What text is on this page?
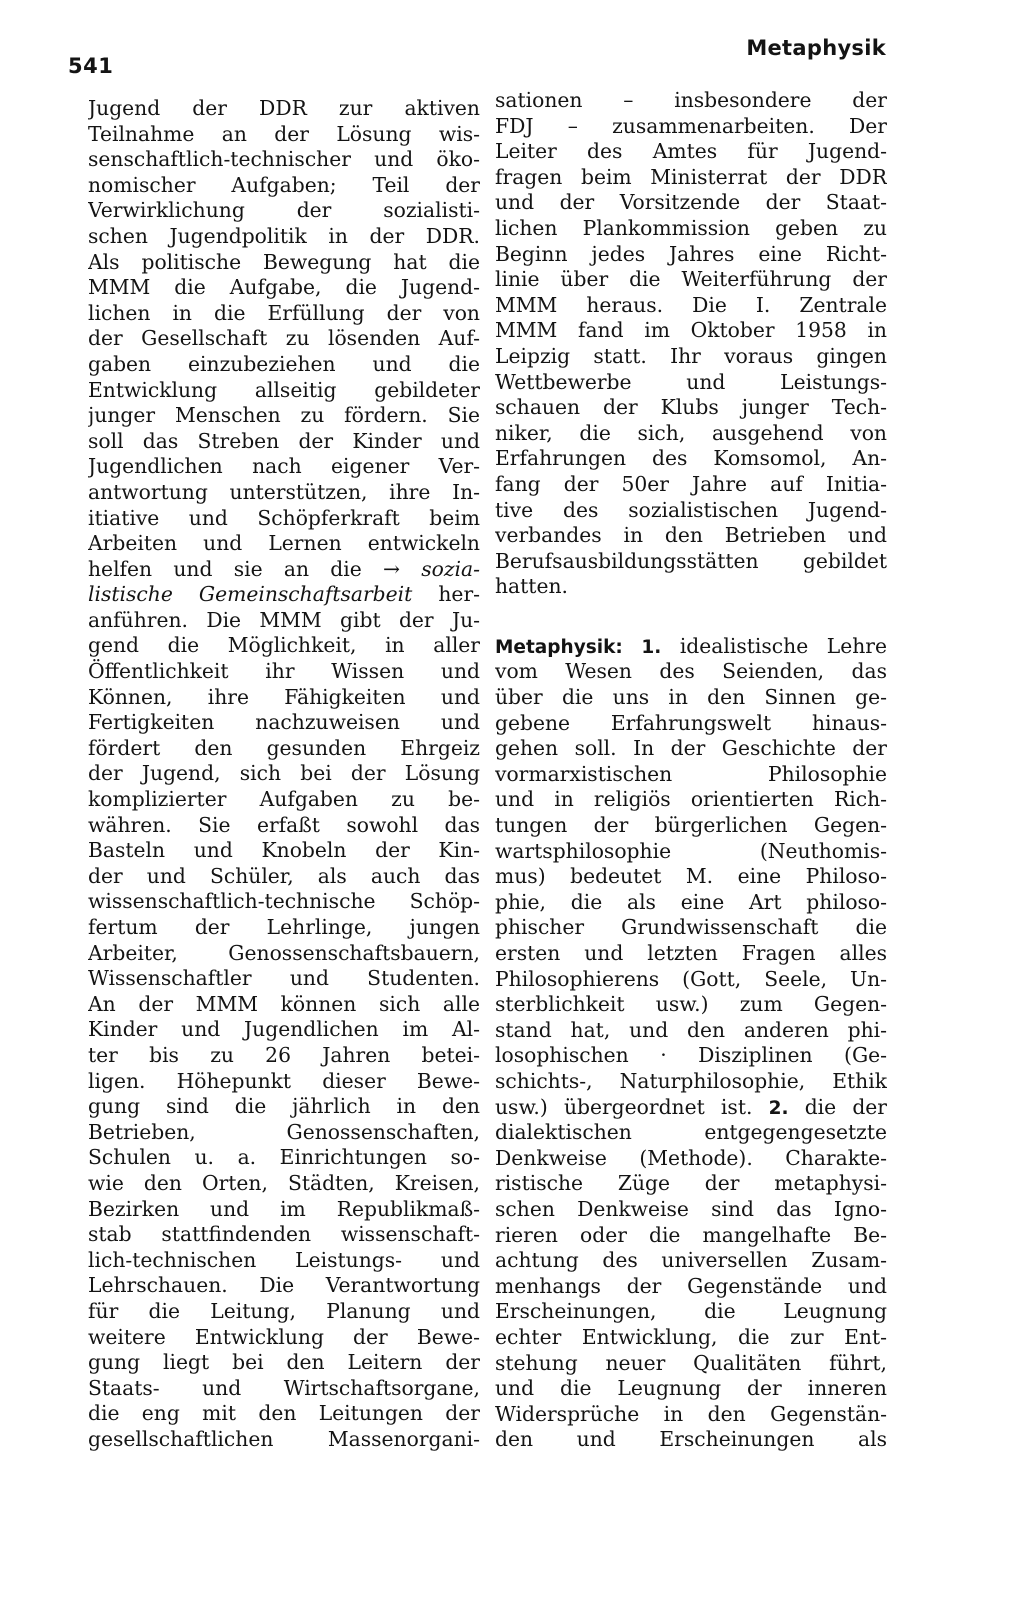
541
Metaphysik
Jugend der DDR zur aktiven
Teilnahme an der Lösung wis-
senschaftlich-technischer und öko-
nomischer Aufgaben; Teil der
Verwirklichung der sozialisti-
schen Jugendpolitik in der DDR.
Als politische Bewegung hat die
MMM die Aufgabe, die Jugend-
lichen in die Erfüllung der von
der Gesellschaft zu lösenden Auf-
gaben einzubeziehen und die
Entwicklung allseitig gebildeter
junger Menschen zu fördern. Sie
soll das Streben der Kinder und
Jugendlichen nach eigener Ver-
antwortung unterstützen, ihre In-
itiative und Schöpferkraft beim
Arbeiten und Lernen entwickeln
helfen und sie an die → soziа-
listische Gemeinschaftsarbeit her-
anführen. Die MMM gibt der Ju-
gend die Möglichkeit, in aller
Öffentlichkeit ihr Wissen und
Können, ihre Fähigkeiten und
Fertigkeiten nachzuweisen und
fördert den gesunden Ehrgeiz
der Jugend, sich bei der Lösung
komplizierter Aufgaben zu be-
währen. Sie erfaßt sowohl das
Basteln und Knobeln der Kin-
der und Schüler, als auch das
wissenschaftlich-technische Schöp-
fertum der Lehrlinge, jungen
Arbeiter, Genossenschaftsbauern,
Wissenschaftler und Studenten.
An der MMM können sich alle
Kinder und Jugendlichen im Al-
ter bis zu 26 Jahren betei-
ligen. Höhepunkt dieser Bewe-
gung sind die jährlich in den
Betrieben, Genossenschaften,
Schulen u. a. Einrichtungen so-
wie den Orten, Städten, Kreisen,
Bezirken und im Republikmaß-
stab stattfindenden wissenschaft-
lich-technischen Leistungs- und
Lehrschauen. Die Verantwortung
für die Leitung, Planung und
weitere Entwicklung der Bewe-
gung liegt bei den Leitern der
Staats- und Wirtschaftsorgane,
die eng mit den Leitungen der
gesellschaftlichen Massenorgani-
sationen – insbesondere der
FDJ – zusammenarbeiten. Der
Leiter des Amtes für Jugend-
fragen beim Ministerrat der DDR
und der Vorsitzende der Staat-
lichen Plankommission geben zu
Beginn jedes Jahres eine Richt-
linie über die Weiterführung der
MMM heraus. Die I. Zentrale
MMM fand im Oktober 1958 in
Leipzig statt. Ihr voraus gingen
Wettbewerbe und Leistungs-
schauen der Klubs junger Tech-
niker, die sich, ausgehend von
Erfahrungen des Komsomol, An-
fang der 50er Jahre auf Initia-
tive des sozialistischen Jugend-
verbandes in den Betrieben und
Berufsausbildungsstätten gebildet
hatten.
Metaphysik: 1. idealistische Lehre
vom Wesen des Seienden, das
über die uns in den Sinnen ge-
gebene Erfahrungswelt hinaus-
gehen soll. In der Geschichte der
vormarxistischen Philosophie
und in religiös orientierten Rich-
tungen der bürgerlichen Gegen-
wartsphilosophie (Neuthomis-
mus) bedeutet M. eine Philoso-
phie, die als eine Art philoso-
phischer Grundwissenschaft die
ersten und letzten Fragen alles
Philosophierens (Gott, Seele, Un-
sterblichkeit usw.) zum Gegen-
stand hat, und den anderen phi-
losophischen · Disziplinen (Ge-
schichts-, Naturphilosophie, Ethik
usw.) übergeordnet ist. 2. die der
dialektischen entgegengesetzte
Denkweise (Methode). Charakte-
ristische Züge der metaphysi-
schen Denkweise sind das Igno-
rieren oder die mangelhafte Be-
achtung des universellen Zusam-
menhangs der Gegenstände und
Erscheinungen, die Leugnung
echter Entwicklung, die zur Ent-
stehung neuer Qualitäten führt,
und die Leugnung der inneren
Widersprüche in den Gegenstän-
den und Erscheinungen als
